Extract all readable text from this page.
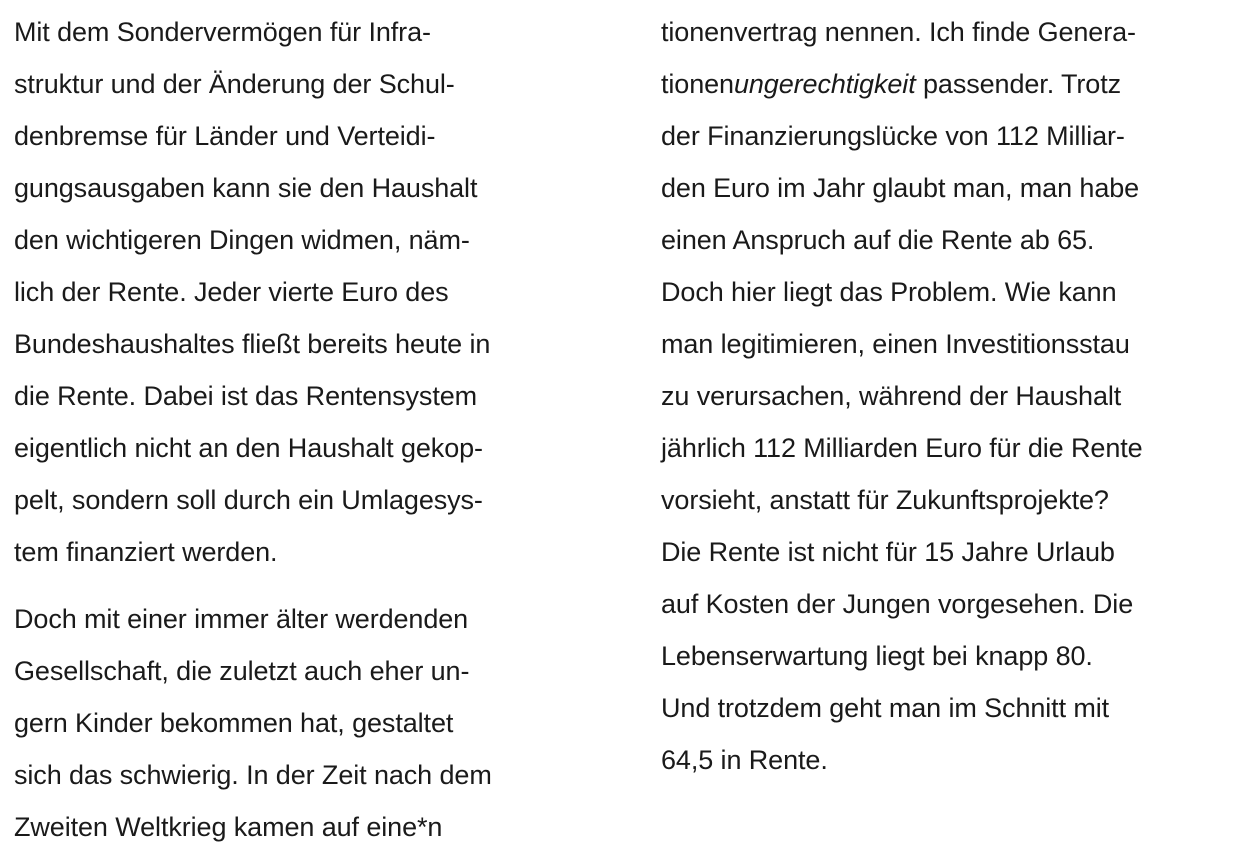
Mit dem Sondervermögen für Infra-
struktur und der Änderung der Schul-
denbremse für Länder und Verteidi-
gungsausgaben kann sie den Haushalt
den wichtigeren Dingen widmen, näm-
lich der Rente. Jeder vierte Euro des
Bundeshaushaltes fließt bereits heute in
die Rente. Dabei ist das Rentensystem
eigentlich nicht an den Haushalt gekop-
pelt, sondern soll durch ein Umlagesys-
tem finanziert werden.
Doch mit einer immer älter werdenden
Gesellschaft, die zuletzt auch eher un-
gern Kinder bekommen hat, gestaltet
sich das schwierig. In der Zeit nach dem
Zweiten Weltkrieg kamen auf eine*n
tionenvertrag nennen. Ich finde Genera-
tionenungerechtigkeit passender. Trotz
der Finanzierungslücke von 112 Milliar-
den Euro im Jahr glaubt man, man habe
einen Anspruch auf die Rente ab 65.
Doch hier liegt das Problem. Wie kann
man legitimieren, einen Investitionsstau
zu verursachen, während der Haushalt
jährlich 112 Milliarden Euro für die Rente
vorsieht, anstatt für Zukunftsprojekte?
Die Rente ist nicht für 15 Jahre Urlaub
auf Kosten der Jungen vorgesehen. Die
Lebenserwartung liegt bei knapp 80.
Und trotzdem geht man im Schnitt mit
64,5 in Rente.
